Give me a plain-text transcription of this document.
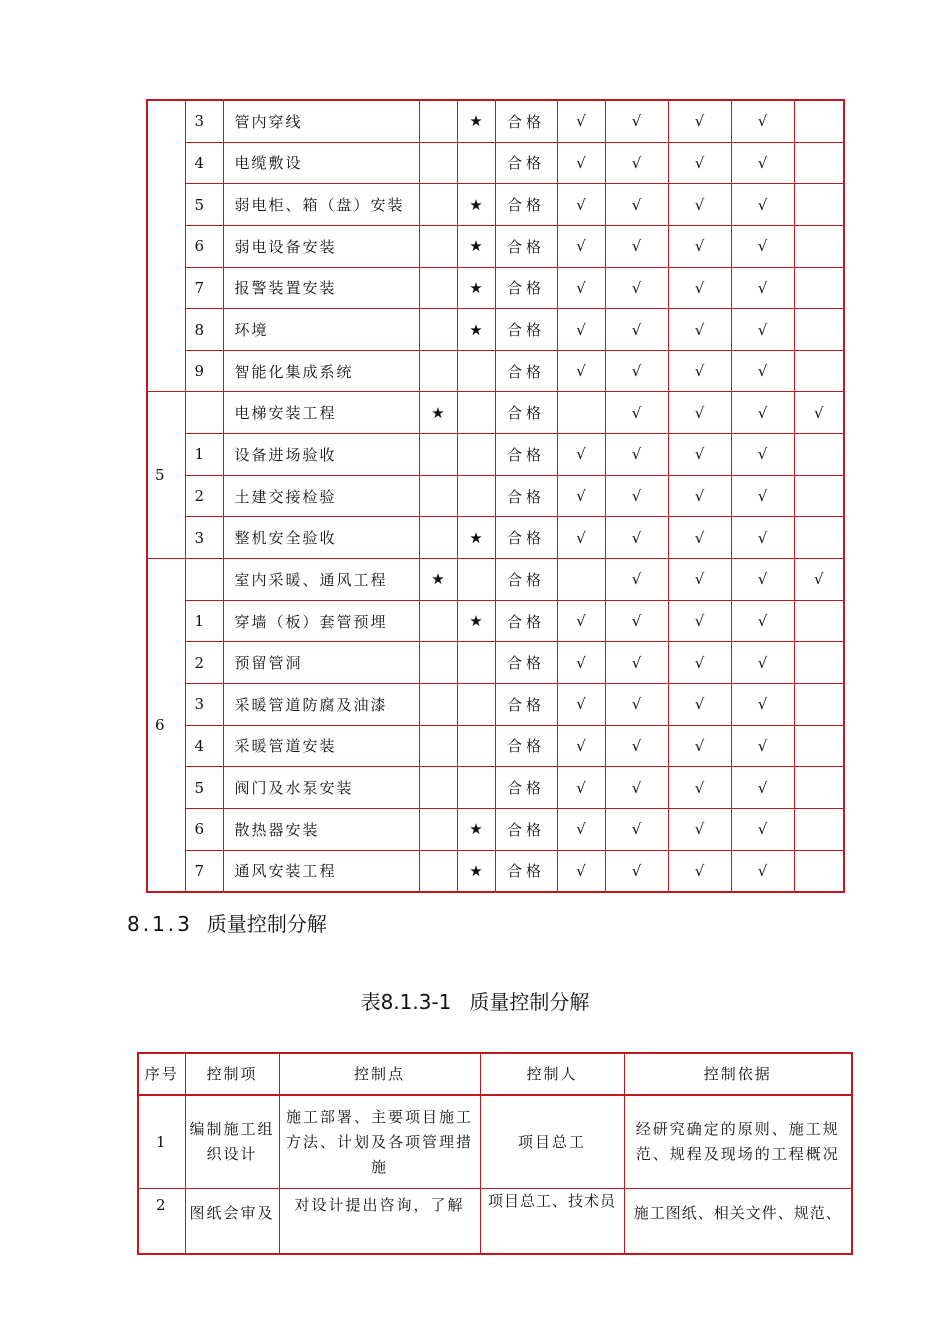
	3	管内穿线		★	合格	√	√	√	√	
	4	电缆敷设			合格	√	√	√	√	
	5	弱电柜、箱（盘）安装		★	合格	√	√	√	√	
	6	弱电设备安装		★	合格	√	√	√	√	
	7	报警装置安装		★	合格	√	√	√	√	
	8	环境		★	合格	√	√	√	√	
	9	智能化集成系统			合格	√	√	√	√	
5		电梯安装工程	★		合格		√	√	√	√
	1	设备进场验收			合格	√	√	√	√	
	2	土建交接检验			合格	√	√	√	√	
	3	整机安全验收		★	合格	√	√	√	√	
6		室内采暖、通风工程	★		合格		√	√	√	√
	1	穿墙（板）套管预埋		★	合格	√	√	√	√	
	2	预留管洞			合格	√	√	√	√	
	3	采暖管道防腐及油漆			合格	√	√	√	√	
	4	采暖管道安装			合格	√	√	√	√	
	5	阀门及水泵安装			合格	√	√	√	√	
	6	散热器安装		★	合格	√	√	√	√	
	7	通风安装工程		★	合格	√	√	√	√	
8.1.3 质量控制分解
表8.1.3-1 质量控制分解
序号	控制项	控制点	控制人	控制依据
1	编制施工组织设计	施工部署、主要项目施工方法、计划及各项管理措施	项目总工	经研究确定的原则、施工规范、规程及现场的工程概况
2	图纸会审及	对设计提出咨询，了解	项目总工、技术员	施工图纸、相关文件、规范、
